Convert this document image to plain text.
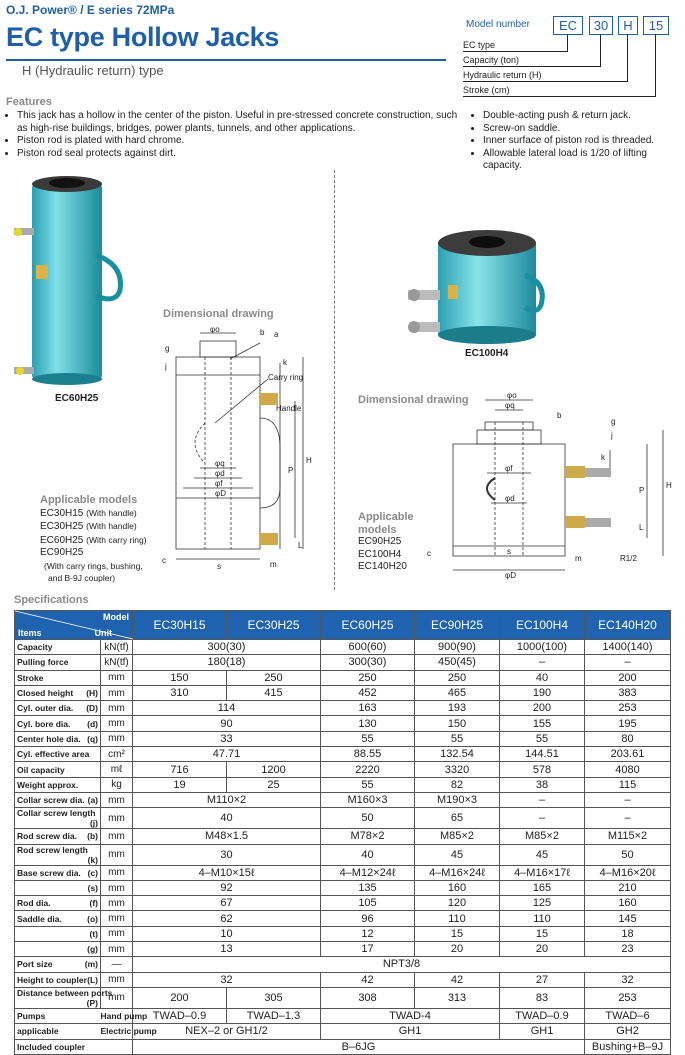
O.J. Power® / E series 72MPa
EC type Hollow Jacks
H (Hydraulic return) type
Model number	EC	30	H	15
EC type
Capacity (ton)
Hydraulic return (H)
Stroke (cm)
Features
• This jack has a hollow in the center of the piston. Useful in pre-stressed concrete construction, such as high-rise buildings, bridges, power plants, tunnels, and other applications.
• Piston rod is plated with hard chrome.
• Piston rod seal protects against dirt.
• Double-acting push & return jack.
• Screw-on saddle.
• Inner surface of piston rod is threaded.
• Allowable lateral load is 1/20 of lifting capacity.
EC60H25
EC100H4
Dimensional drawing
φo	b a
g
j	k
Carry ring
Handle
φq
φd
φf
φD
P
H
L
c
s	m
Applicable models
EC30H15 (With handle)
EC30H25 (With handle)
EC60H25 (With carry ring)
EC90H25
(With carry rings, bushing,
and B-9J coupler)
Dimensional drawing	φo
φq
b
g
j
k
φf
φd
H
P
L
c	s
m	R1/2
φD
Applicable
models
EC90H25
EC100H4
EC140H20
Specifications
Model
Items Unit		EC30H15	EC30H25	EC60H25	EC90H25	EC100H4	EC140H20
Capacity	kN(tf)	300(30)		600(60)	900(90)	1000(100)	1400(140)
Pulling force	kN(tf)	180(18)		300(30)	450(45)	–	–
Stroke	mm	150	250	250	250	40	200
Closed height (H)	mm	310	415	452	465	190	383
Cyl. outer dia. (D)	mm	114		163	193	200	253
Cyl. bore dia. (d)	mm	90		130	150	155	195
Center hole dia. (q)	mm	33		55	55	55	80
Cyl. effective area	cm²	47.71		88.55	132.54	144.51	203.61
Oil capacity	mℓ	716	1200	2220	3320	578	4080
Weight approx.	kg	19	25	55	82	38	115
Collar screw dia. (a)	mm	M110×2		M160×3	M190×3	–	–
Collar screw length
(j)	mm	40		50	65	–	–
Rod screw dia. (b)	mm	M48×1.5		M78×2	M85×2	M85×2	M115×2
Rod screw length
(k)	mm	30		40	45	45	50
Base screw dia. (c)	mm	4–M10×15ℓ		4–M12×24ℓ	4–M16×24ℓ	4–M16×17ℓ	4–M16×20ℓ

(s)	mm	92		135	160	165	210
Rod dia. (f)	mm	67		105	120	125	160
Saddle dia. (o)	mm	62		96	110	110	145

(t)	mm	10		12	15	15	18

(g)	mm	13		17	20	20	23
Port size (m)	—	NPT3/8					
Height to coupler (L)	mm	32		42	42	27	32
Distance between ports
(P)	mm	200	305	308	313	83	253
Pumps	Hand pump	TWAD–0.9	TWAD–1.3	TWAD-4		TWAD–0.9	TWAD–6
applicable	Electric pump	NEX–2 or GH1/2		GH1		GH1	GH2
Included coupler		B–6JG					Bushing+B–9J
